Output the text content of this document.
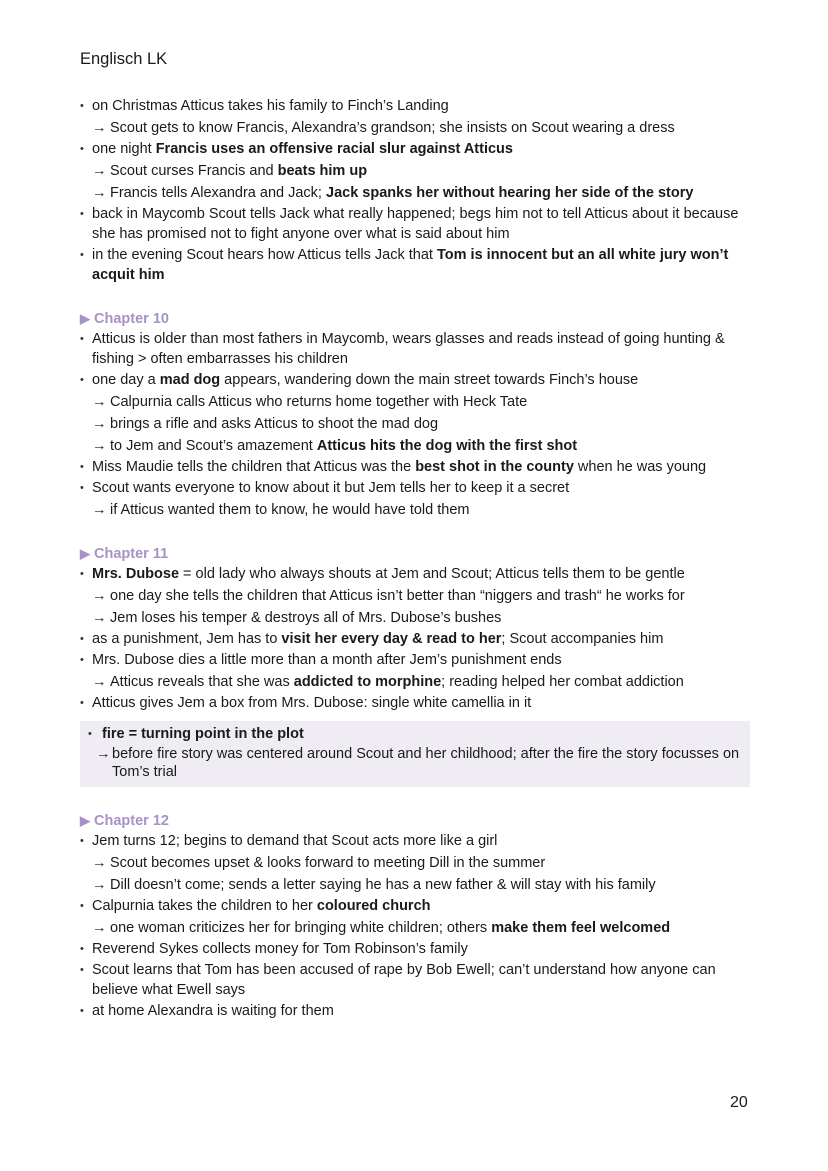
Englisch LK

• on Christmas Atticus takes his family to Finch’s Landing

→ Scout gets to know Francis, Alexandra’s grandson; she insists on Scout wearing a dress

• one night Francis uses an offensive racial slur against Atticus

→ Scout curses Francis and beats him up

→ Francis tells Alexandra and Jack; Jack spanks her without hearing her side of the story

• back in Maycomb Scout tells Jack what really happened; begs him not to tell Atticus about it because she has promised not to fight anyone over what is said about him

• in the evening Scout hears how Atticus tells Jack that Tom is innocent but an all white jury won’t acquit him

▶ Chapter 10

• Atticus is older than most fathers in Maycomb, wears glasses and reads instead of going hunting & fishing > often embarrasses his children

• one day a mad dog appears, wandering down the main street towards Finch’s house

→ Calpurnia calls Atticus who returns home together with Heck Tate

→ brings a rifle and asks Atticus to shoot the mad dog

→ to Jem and Scout’s amazement Atticus hits the dog with the first shot

• Miss Maudie tells the children that Atticus was the best shot in the county when he was young

• Scout wants everyone to know about it but Jem tells her to keep it a secret

→ if Atticus wanted them to know, he would have told them

▶ Chapter 11

• Mrs. Dubose = old lady who always shouts at Jem and Scout; Atticus tells them to be gentle

→ one day she tells the children that Atticus isn’t better than “niggers and trash“ he works for

→ Jem loses his temper & destroys all of Mrs. Dubose’s bushes

• as a punishment, Jem has to visit her every day & read to her; Scout accompanies him

• Mrs. Dubose dies a little more than a month after Jem’s punishment ends

→ Atticus reveals that she was addicted to morphine; reading helped her combat addiction

• Atticus gives Jem a box from Mrs. Dubose: single white camellia in it

• fire = turning point in the plot

→ before fire story was centered around Scout and her childhood; after the fire the story focusses on Tom’s trial

▶ Chapter 12

• Jem turns 12; begins to demand that Scout acts more like a girl

→ Scout becomes upset & looks forward to meeting Dill in the summer

→ Dill doesn’t come; sends a letter saying he has a new father & will stay with his family

• Calpurnia takes the children to her coloured church

→ one woman criticizes her for bringing white children; others make them feel welcomed

• Reverend Sykes collects money for Tom Robinson’s family

• Scout learns that Tom has been accused of rape by Bob Ewell; can’t understand how anyone can believe what Ewell says

• at home Alexandra is waiting for them

20
